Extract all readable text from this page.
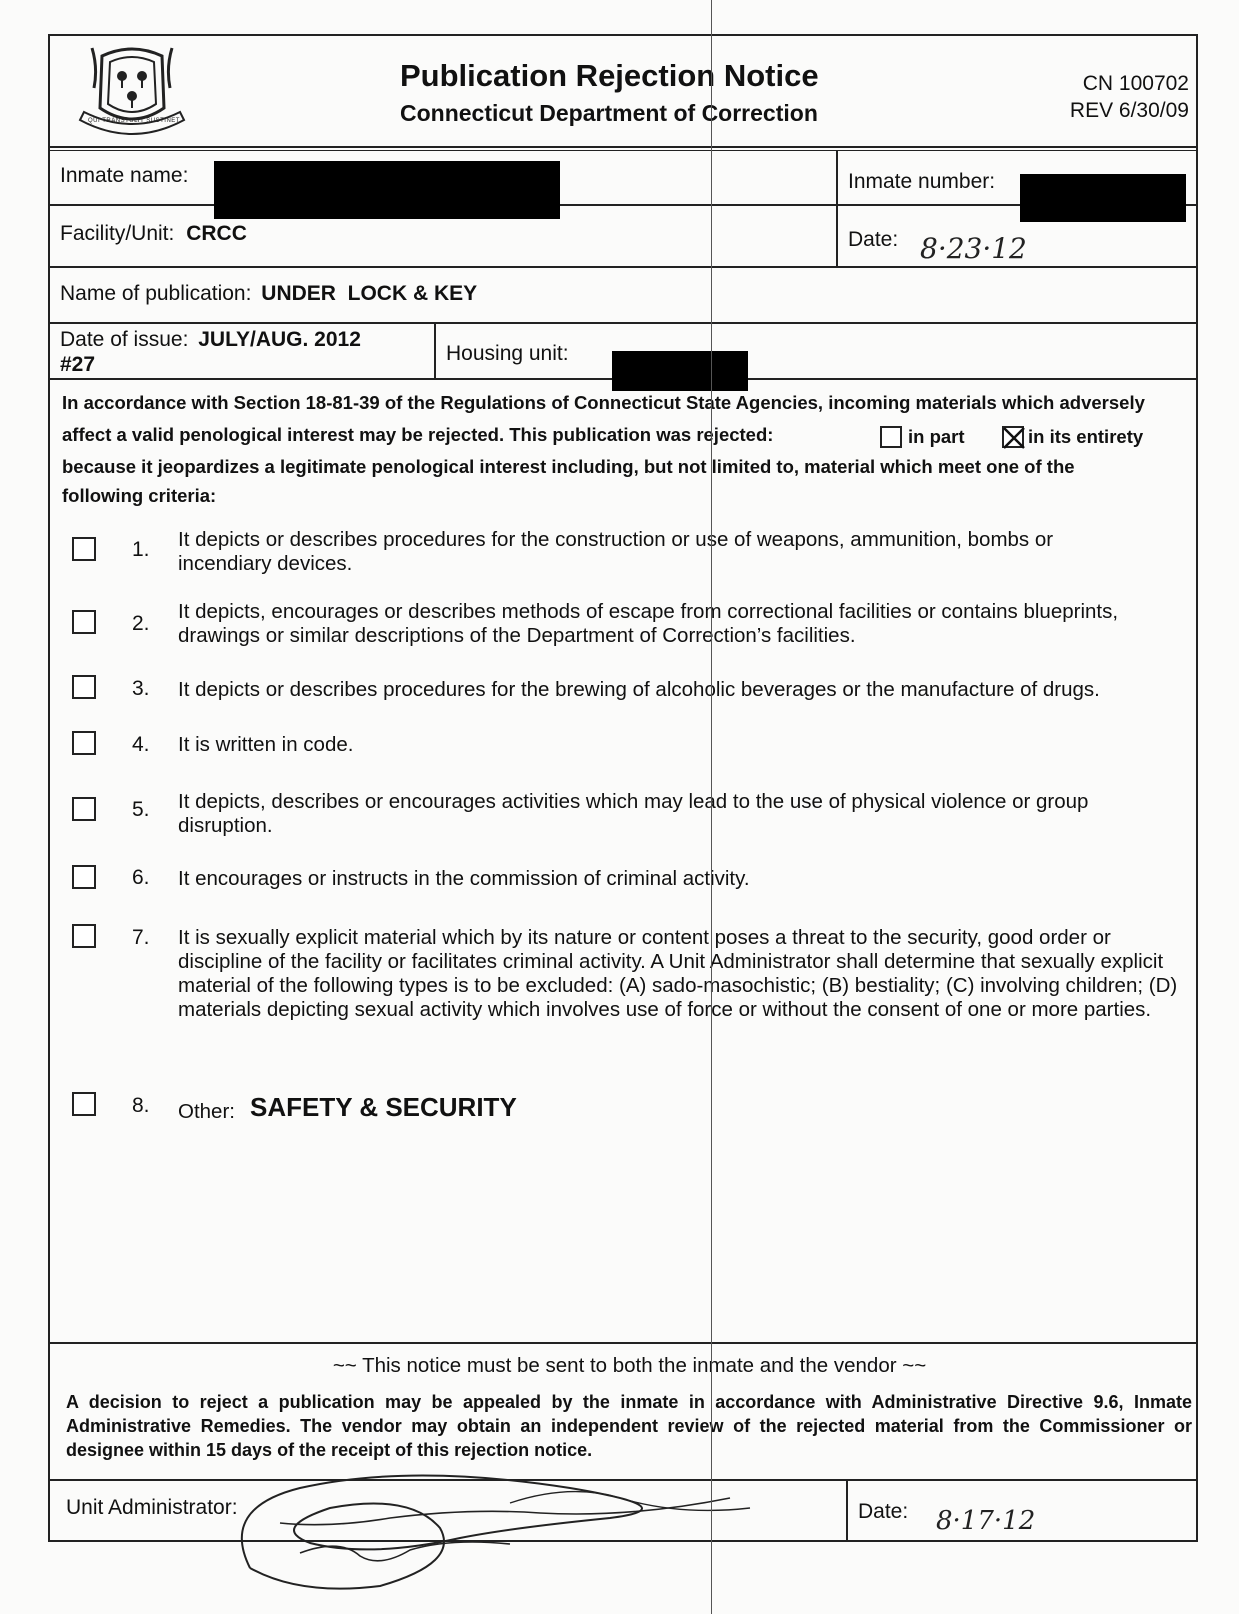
QUI TRANSTULIT SUSTINET
Publication Rejection Notice
Connecticut Department of Correction
CN 100702
REV 6/30/09
Inmate name:	Inmate number:
Facility/Unit: CRCC	Date: 8·23·12
Name of publication: UNDER  LOCK & KEY
Date of issue: JULY/AUG. 2012
#27	Housing unit:
In accordance with Section 18-81-39 of the Regulations of Connecticut State Agencies, incoming materials which adversely
affect a valid penological interest may be rejected. This publication was rejected:	in part	in its entirety
because it jeopardizes a legitimate penological interest including, but not limited to, material which meet one of the
following criteria:
1. It depicts or describes procedures for the construction or use of weapons, ammunition, bombs or incendiary devices.
2.
It depicts, encourages or describes methods of escape from correctional facilities or contains blueprints, drawings or similar descriptions of the Department of Correction’s facilities.
3. It depicts or describes procedures for the brewing of alcoholic beverages or the manufacture of drugs.
4. It is written in code.
5. It depicts, describes or encourages activities which may lead to the use of physical violence or group disruption.
6. It encourages or instructs in the commission of criminal activity.
7. It is sexually explicit material which by its nature or content poses a threat to the security, good order or discipline of the facility or facilitates criminal activity. A Unit Administrator shall determine that sexually explicit material of the following types is to be excluded: (A) sado-masochistic; (B) bestiality; (C) involving children; (D) materials depicting sexual activity which involves use of force or without the consent of one or more parties.
8. Other: SAFETY & SECURITY
~~ This notice must be sent to both the inmate and the vendor ~~
A decision to reject a publication may be appealed by the inmate in accordance with Administrative Directive 9.6, Inmate Administrative Remedies. The vendor may obtain an independent review of the rejected material from the Commissioner or designee within 15 days of the receipt of this rejection notice.
Unit Administrator:	Date: 8·17·12
